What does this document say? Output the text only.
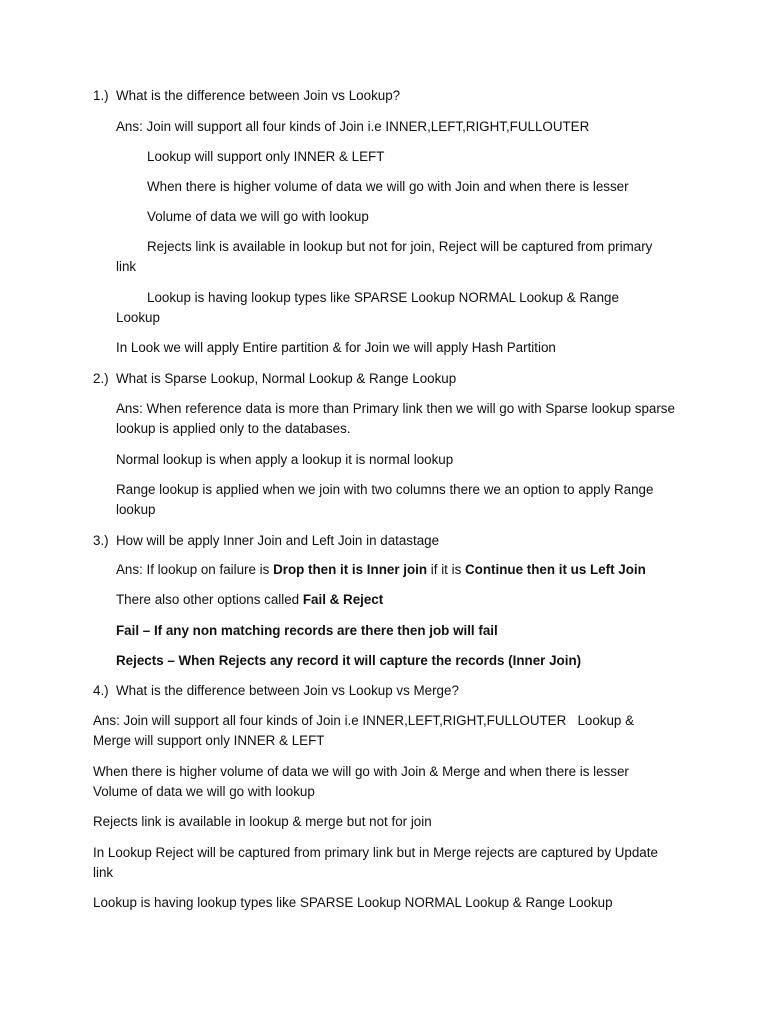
1.) What is the difference between Join vs Lookup?
Ans: Join will support all four kinds of Join i.e INNER,LEFT,RIGHT,FULLOUTER
Lookup will support only INNER & LEFT
When there is higher volume of data we will go with Join and when there is lesser
Volume of data we will go with lookup
Rejects link is available in lookup but not for join, Reject will be captured from primary link
Lookup is having lookup types like SPARSE Lookup NORMAL Lookup & Range Lookup
In Look we will apply Entire partition & for Join we will apply Hash Partition
2.) What is Sparse Lookup, Normal Lookup & Range Lookup
Ans: When reference data is more than Primary link then we will go with Sparse lookup sparse lookup is applied only to the databases.
Normal lookup is when apply a lookup it is normal lookup
Range lookup is applied when we join with two columns there we an option to apply Range lookup
3.) How will be apply Inner Join and Left Join in datastage
Ans: If lookup on failure is Drop then it is Inner join if it is Continue then it us Left Join
There also other options called Fail & Reject
Fail – If any non matching records are there then job will fail
Rejects – When Rejects any record it will capture the records (Inner Join)
4.) What is the difference between Join vs Lookup vs Merge?
Ans: Join will support all four kinds of Join i.e INNER,LEFT,RIGHT,FULLOUTER   Lookup & Merge will support only INNER & LEFT
When there is higher volume of data we will go with Join & Merge and when there is lesser Volume of data we will go with lookup
Rejects link is available in lookup & merge but not for join
In Lookup Reject will be captured from primary link but in Merge rejects are captured by Update link
Lookup is having lookup types like SPARSE Lookup NORMAL Lookup & Range Lookup
